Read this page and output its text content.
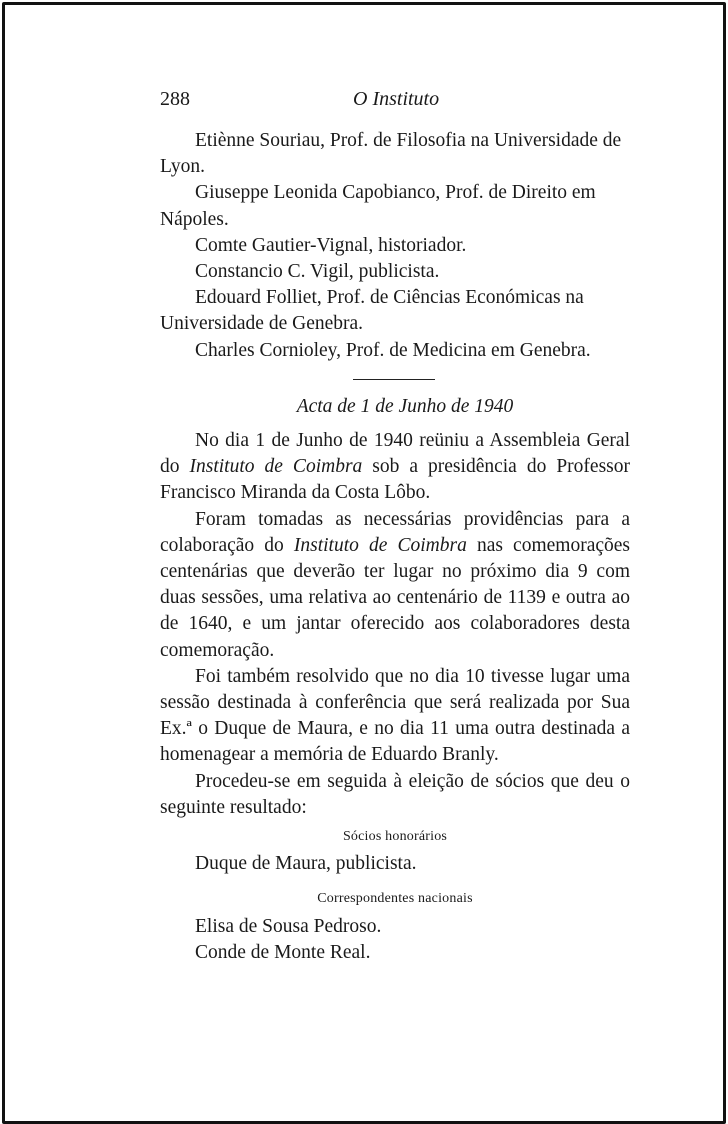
288	O Instituto

Etiènne Souriau, Prof. de Filosofia na Universidade de Lyon.

Giuseppe Leonida Capobianco, Prof. de Direito em Nápoles.

Comte Gautier-Vignal, historiador.

Constancio C. Vigil, publicista.

Edouard Folliet, Prof. de Ciências Económicas na Universidade de Genebra.

Charles Cornioley, Prof. de Medicina em Genebra.

Acta de 1 de Junho de 1940

No dia 1 de Junho de 1940 reüniu a Assembleia Geral do Instituto de Coimbra sob a presidência do Professor Francisco Miranda da Costa Lôbo.

Foram tomadas as necessárias providências para a colaboração do Instituto de Coimbra nas comemorações centenárias que deverão ter lugar no próximo dia 9 com duas sessões, uma relativa ao centenário de 1139 e outra ao de 1640, e um jantar oferecido aos colaboradores desta comemoração.

Foi também resolvido que no dia 10 tivesse lugar uma sessão destinada à conferência que será realizada por Sua Ex.ª o Duque de Maura, e no dia 11 uma outra destinada a homenagear a memória de Eduardo Branly.

Procedeu-se em seguida à eleição de sócios que deu o seguinte resultado:

Sócios honorários

Duque de Maura, publicista.

Correspondentes nacionais

Elisa de Sousa Pedroso.

Conde de Monte Real.
